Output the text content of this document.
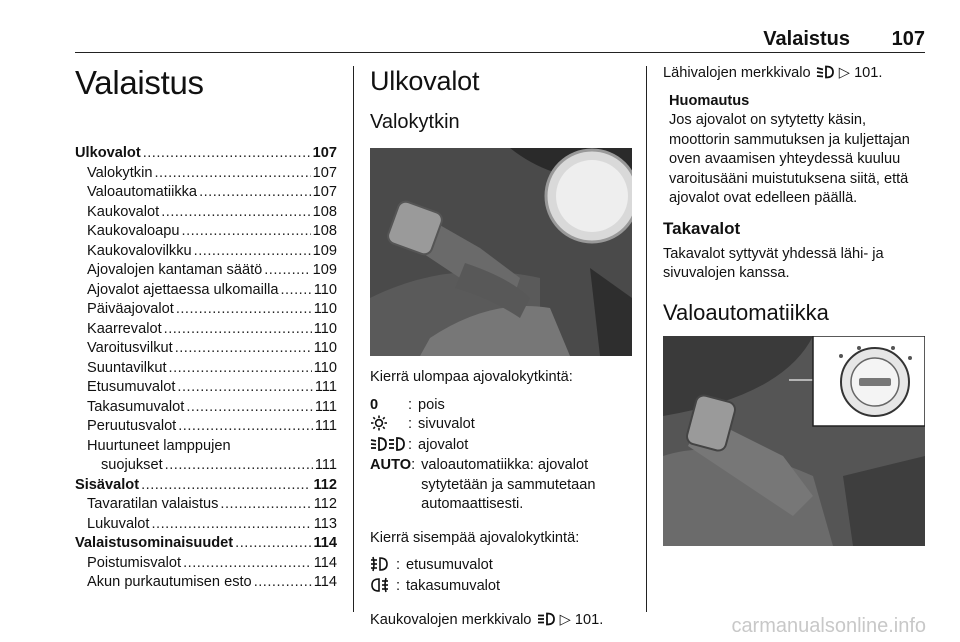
Valaistus 107
Valaistus
Ulkovalot .....	107
Valokytkin .....	107
Valoautomatiikka .....	107
Kaukovalot .....	108
Kaukovaloapu .....	108
Kaukovalovilkku .....	109
Ajovalojen kantaman säätö .....	109
Ajovalot ajettaessa ulkomailla ..... 110
Päiväajovalot .....	110
Kaarrevalot .....	110
Varoitusvilkut .....	110
Suuntavilkut .....	110
Etusumuvalot .....	111
Takasumuvalot .....	111
Peruutusvalot .....	111
Huurtuneet lamppujen
suojukset .....	111
Sisävalot .....	112
Tavaratilan valaistus .....	112
Lukuvalot .....	113
Valaistusominaisuudet .....	114
Poistumisvalot .....	114
Akun purkautumisen esto .....	114
Ulkovalot
Valokytkin

Kierrä ulompaa ajovalokytkintä:

0	: pois
: sivuvalot
: ajovalot
AUTO : valoautomatiikka: ajovalot sytytetään ja sammutetaan automaattisesti.

Kierrä sisempää ajovalokytkintä:

: etusumuvalot
: takasumuvalot

Kaukovalojen merkkivalo ▷ 101.

Lähivalojen merkkivalo ▷ 101.

Huomautus
Jos ajovalot on sytytetty käsin, moottorin sammutuksen ja kuljettajan oven avaamisen yhteydessä kuuluu varoitusääni muistutuksena siitä, että ajovalot ovat edelleen päällä.
Takavalot

Takavalot syttyvät yhdessä lähi- ja sivuvalojen kanssa.

Valoautomatiikka
carmanualsonline.info
